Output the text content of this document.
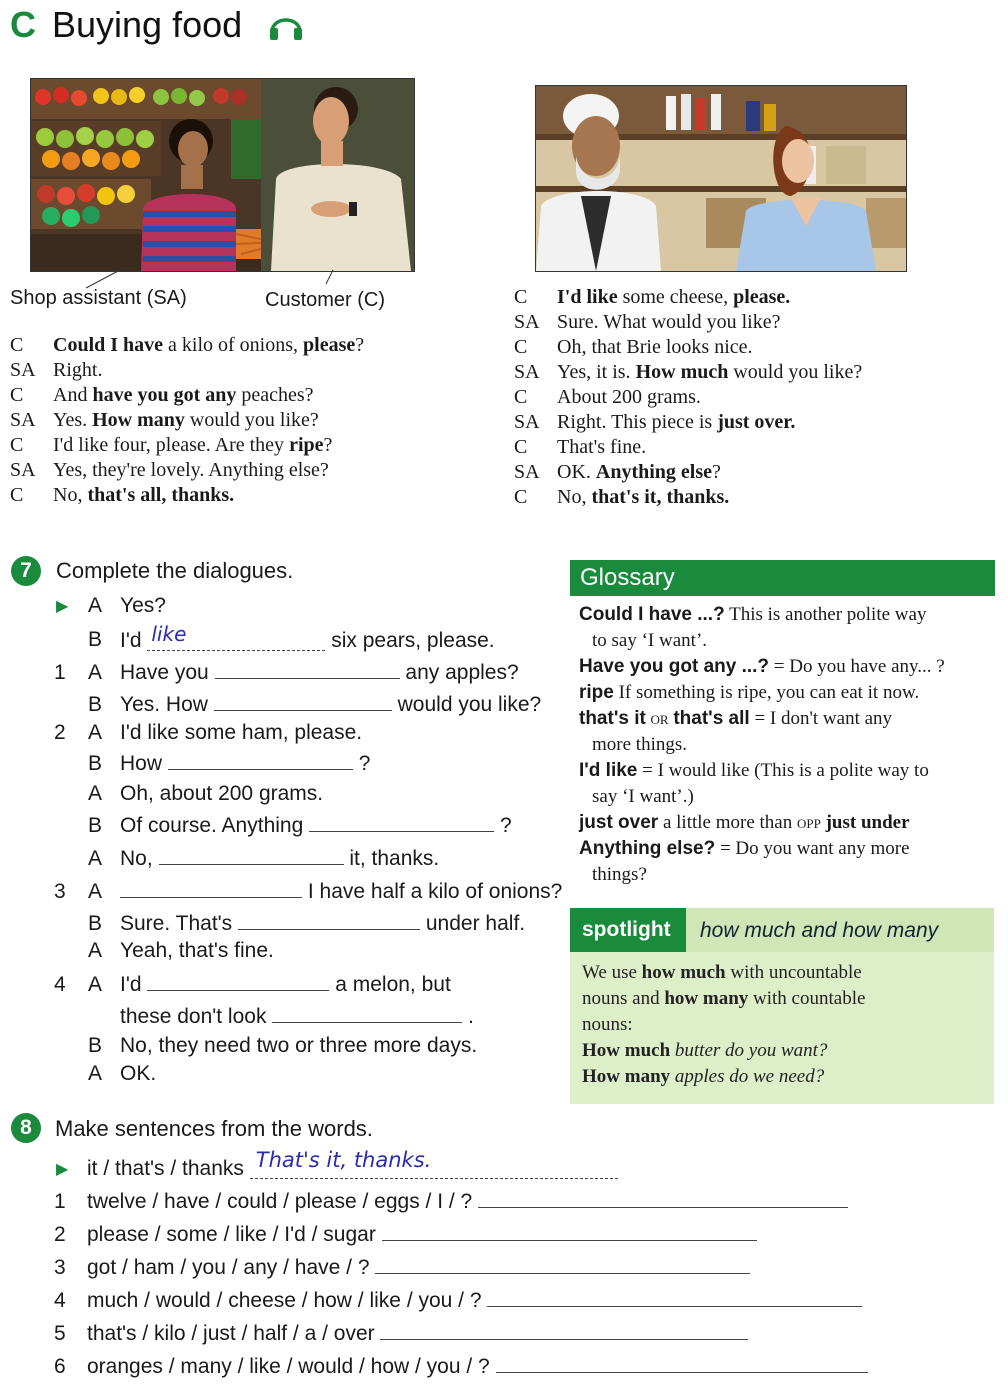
C Buying food
Shop assistant (SA)	Customer (C)
C Could I have a kilo of onions, please?
SA Right.
C And have you got any peaches?
SA Yes. How many would you like?
C I'd like four, please. Are they ripe?
SA Yes, they're lovely. Anything else?
C No, that's all, thanks.
C I'd like some cheese, please.
SA Sure. What would you like?
C Oh, that Brie looks nice.
SA Yes, it is. How much would you like?
C About 200 grams.
SA Right. This piece is just over.
C That's fine.
SA OK. Anything else?
C No, that's it, thanks.
7	Complete the dialogues.
▶ A Yes?
B I'd like	six pears, please.
1 A Have you	any apples?
B Yes. How	would you like?
2 A I'd like some ham, please.
B How	?
A Oh, about 200 grams.
B Of course. Anything	?
A No,	it, thanks.
3 A	I have half a kilo of onions?
B Sure. That's	under half.
A Yeah, that's fine.
4 A I'd	a melon, but
these don't look	.
B No, they need two or three more days.
A OK.
Glossary
Could I have ...? This is another polite way
to say ‘I want’.
Have you got any ...? = Do you have any... ?
ripe If something is ripe, you can eat it now.
that's it OR that's all = I don't want any
more things.
I'd like = I would like (This is a polite way to
say ‘I want’.)
just over a little more than OPP just under
Anything else? = Do you want any more
things?
spotlight how much and how many
We use how much with uncountable
nouns and how many with countable
nouns:
How much butter do you want?
How many apples do we need?
8	Make sentences from the words.
▶ it / that's / thanks That's it, thanks.
1 twelve / have / could / please / eggs / I / ?
2 please / some / like / I'd / sugar
3 got / ham / you / any / have / ?
4 much / would / cheese / how / like / you / ?
5 that's / kilo / just / half / a / over
6 oranges / many / like / would / how / you / ?
